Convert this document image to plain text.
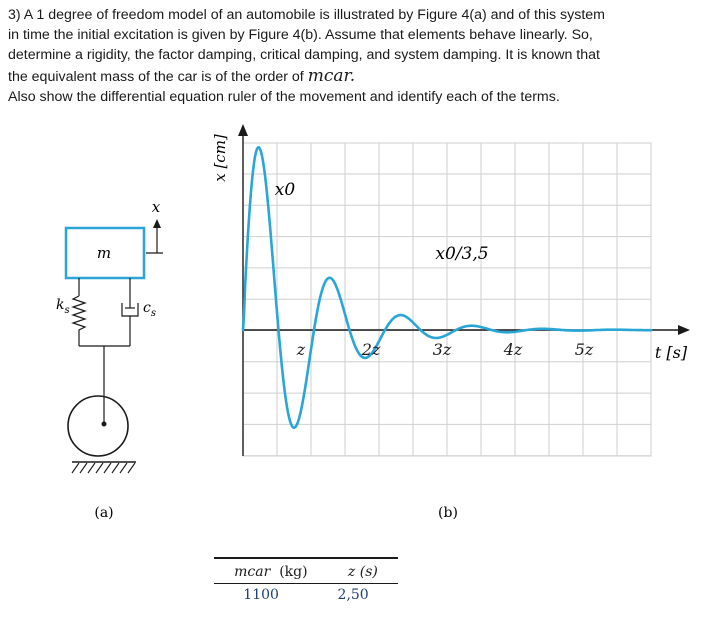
3) A 1 degree of freedom model of an automobile is illustrated by Figure 4(a) and of this system

in time the initial excitation is given by Figure 4(b). Assume that elements behave linearly. So,

determine a rigidity, the factor damping, critical damping, and system damping. It is known that

the equivalent mass of the car is of the order of mcar.

Also show the differential equation ruler of the movement and identify each of the terms.

m
x
$k_s$	$c_s$
(a)
x [cm]
t [s]
z	2z	3z	4z	5z
x0
x0/3,5
(b)
mcar (kg)	z (s)
1100	2,50
